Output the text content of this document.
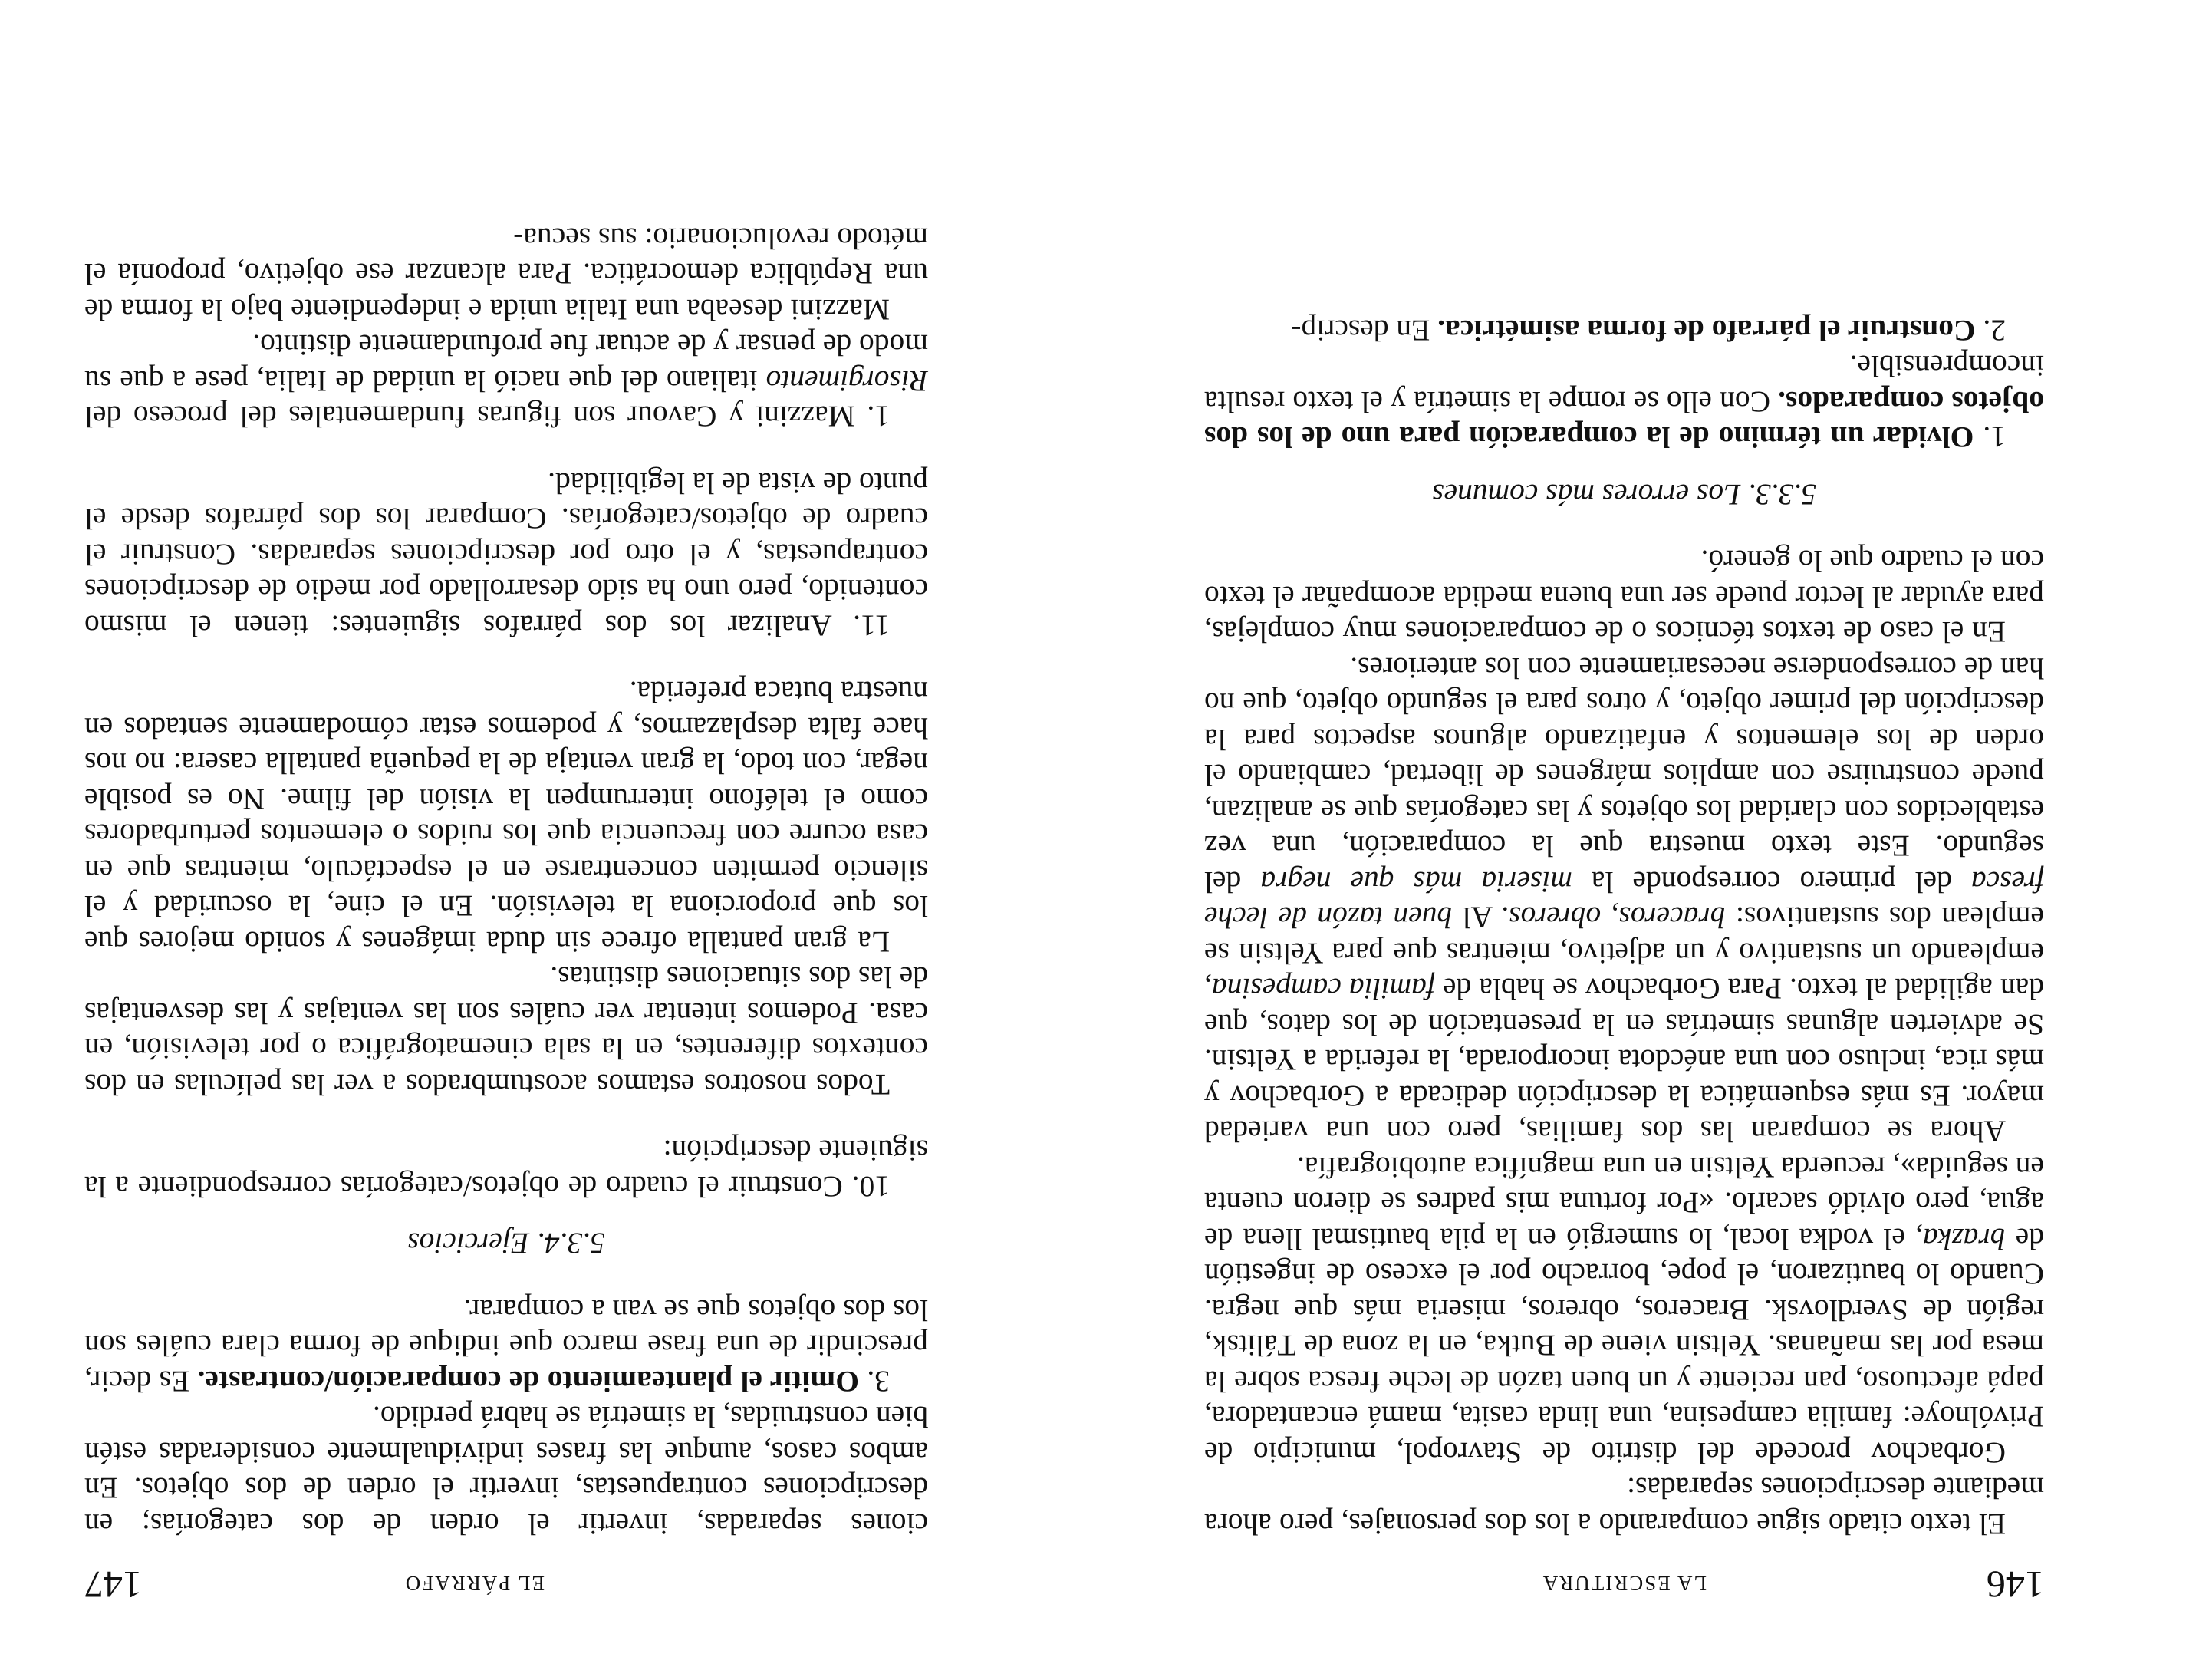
146
LA ESCRITURA

El texto citado sigue comparando a los dos personajes, pero ahora mediante descripciones separadas:

Gorbachov procede del distrito de Stavropol, municipio de Privólnoye: familia campesina, una linda casita, mamá encantadora, papá afectuoso, pan reciente y un buen tazón de leche fresca sobre la mesa por las mañanas. Yeltsin viene de Butka, en la zona de Tálitsk, región de Sverdlovsk. Braceros, obreros, miseria más que negra. Cuando lo bautizaron, el pope, borracho por el exceso de ingestión de brazka, el vodka local, lo sumergió en la pila bautismal llena de agua, pero olvidó sacarlo. «Por fortuna mis padres se dieron cuenta en seguida», recuerda Yeltsin en una magnífica autobiografía.

Ahora se comparan las dos familias, pero con una variedad mayor. Es más esquemática la descripción dedicada a Gorbachov y más rica, incluso con una anécdota incorporada, la referida a Yeltsin. Se advierten algunas simetrías en la presentación de los datos, que dan agilidad al texto. Para Gorbachov se habla de familia campesina, empleando un sustantivo y un adjetivo, mientras que para Yeltsin se emplean dos sustantivos: braceros, obreros. Al buen tazón de leche fresca del primero corresponde la miseria más que negra del segundo. Este texto muestra que la comparación, una vez establecidos con claridad los objetos y las categorías que se analizan, puede construirse con amplios márgenes de libertad, cambiando el orden de los elementos y enfatizando algunos aspectos para la descripción del primer objeto, y otros para el segundo objeto, que no han de corresponderse necesariamente con los anteriores.

En el caso de textos técnicos o de comparaciones muy complejas, para ayudar al lector puede ser una buena medida acompañar el texto con el cuadro que lo generó.

5.3.3. Los errores más comunes

1. Olvidar un término de la comparación para uno de los dos objetos comparados. Con ello se rompe la simetría y el texto resulta incomprensible.

2. Construir el párrafo de forma asimétrica. En descrip-

EL PÁRRAFO
147

ciones separadas, invertir el orden de dos categorías; en descripciones contrapuestas, invertir el orden de dos objetos. En ambos casos, aunque las frases individualmente consideradas estén bien construidas, la simetría se habrá perdido.

3. Omitir el planteamiento de comparación/contraste. Es decir, prescindir de una frase marco que indique de forma clara cuáles son los dos objetos que se van a comparar.

5.3.4. Ejercicios

10. Construir el cuadro de objetos/categorías correspondiente a la siguiente descripción:

Todos nosotros estamos acostumbrados a ver las películas en dos contextos diferentes, en la sala cinematográfica o por televisión, en casa. Podemos intentar ver cuáles son las ventajas y las desventajas de las dos situaciones distintas.

La gran pantalla ofrece sin duda imágenes y sonido mejores que los que proporciona la televisión. En el cine, la oscuridad y el silencio permiten concentrarse en el espectáculo, mientras que en casa ocurre con frecuencia que los ruidos o elementos perturbadores como el teléfono interrumpen la visión del filme. No es posible negar, con todo, la gran ventaja de la pequeña pantalla casera: no nos hace falta desplazarnos, y podemos estar cómodamente sentados en nuestra butaca preferida.

11. Analizar los dos párrafos siguientes: tienen el mismo contenido, pero uno ha sido desarrollado por medio de descripciones contrapuestas, y el otro por descripciones separadas. Construir el cuadro de objetos/categorías. Comparar los dos párrafos desde el punto de vista de la legibilidad.

1. Mazzini y Cavour son figuras fundamentales del proceso del Risorgimento italiano del que nació la unidad de Italia, pese a que su modo de pensar y de actuar fue profundamente distinto.

Mazzini deseaba una Italia unida e independiente bajo la forma de una República democrática. Para alcanzar ese objetivo, proponía el método revolucionario: sus secua-
